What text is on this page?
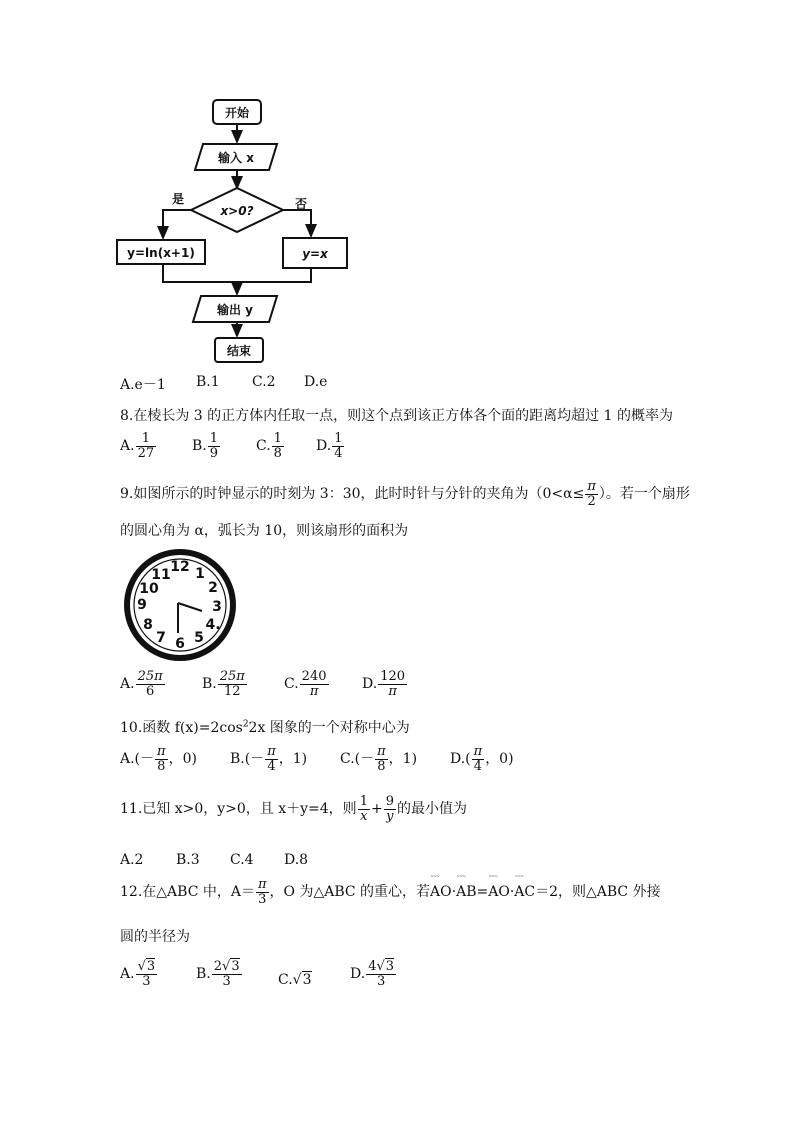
开始
输入 x
x>0?
是	否
y=ln(x+1)	y=x
输出 y
结束
A.e－1 B.1 C.2 D.e
8.在棱长为 3 的正方体内任取一点，则这个点到该正方体各个面的距离均超过 1 的概率为
A. $\frac{1}{27}$	B. $\frac{1}{9}$	C. $\frac{1}{8} D$. $\frac{1}{4}$
9.如图所示的时钟显示的时刻为 3：30，此时时针与分针的夹角为（$0<\alpha\le \frac{\pi}{2}$ ）。若一个扇形
的圆心角为 α，弧长为 10，则该扇形的面积为
12 1
2
3
4.
5
6
7
8
9
10
11
A. $\frac{25\pi}{6}$	B. $\frac{25\pi}{12}$	C. $\frac{240}{\pi} D$. $\frac{120}{\pi}$
10.函数 $f(x)=2\cos^22x$ 图象的一个对称中心为
$A.(- \frac{\pi}{8}$ ，0) $B.(- \frac{\pi}{4}$ ，1) $C.(- \frac{\pi}{8}$ ，1) $D.( \frac{\pi}{4}$ ，0)
11.已知 x>0，y>0，且 x＋y=4，则 $\frac{1}{x} + \frac{9}{y}$ 的最小值为
A.2 B.3 C.4 D.8
12.在△ABC 中，$A= \frac{\pi}{3}$ ，O 为△ABC 的重心，若˜˜˜ AO·˜˜˜ AB=˜˜˜ AO·˜˜˜ AC＝2，则△ABC 外接
圆的半径为
A. $\frac{√3}{3}$	B. $\frac{2√3}{3}$	C.√3	D. $\frac{4√3}{3}$
